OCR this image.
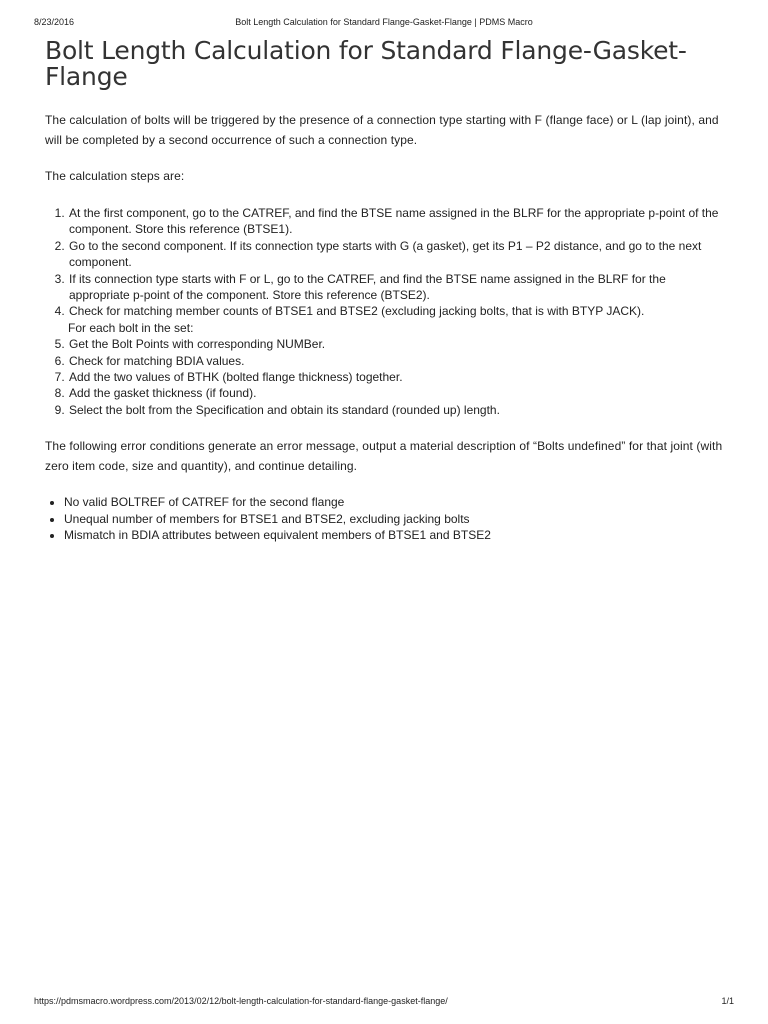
8/23/2016	Bolt Length Calculation for Standard Flange-Gasket-Flange | PDMS Macro
Bolt Length Calculation for Standard Flange-Gasket-Flange

The calculation of bolts will be triggered by the presence of a connection type starting with F (flange face) or L (lap joint), and will be completed by a second occurrence of such a connection type.

The calculation steps are:

1. At the first component, go to the CATREF, and find the BTSE name assigned in the BLRF for the appropriate p-point of the component. Store this reference (BTSE1).
2. Go to the second component. If its connection type starts with G (a gasket), get its P1 – P2 distance, and go to the next component.
3. If its connection type starts with F or L, go to the CATREF, and find the BTSE name assigned in the BLRF for the appropriate p-point of the component. Store this reference (BTSE2).
4. Check for matching member counts of BTSE1 and BTSE2 (excluding jacking bolts, that is with BTYP JACK).
For each bolt in the set:
5. Get the Bolt Points with corresponding NUMBer.
6. Check for matching BDIA values.
7. Add the two values of BTHK (bolted flange thickness) together.
8. Add the gasket thickness (if found).
9. Select the bolt from the Specification and obtain its standard (rounded up) length.

The following error conditions generate an error message, output a material description of “Bolts undefined” for that joint (with zero item code, size and quantity), and continue detailing.

• No valid BOLTREF of CATREF for the second flange
• Unequal number of members for BTSE1 and BTSE2, excluding jacking bolts
• Mismatch in BDIA attributes between equivalent members of BTSE1 and BTSE2
https://pdmsmacro.wordpress.com/2013/02/12/bolt-length-calculation-for-standard-flange-gasket-flange/	1/1
